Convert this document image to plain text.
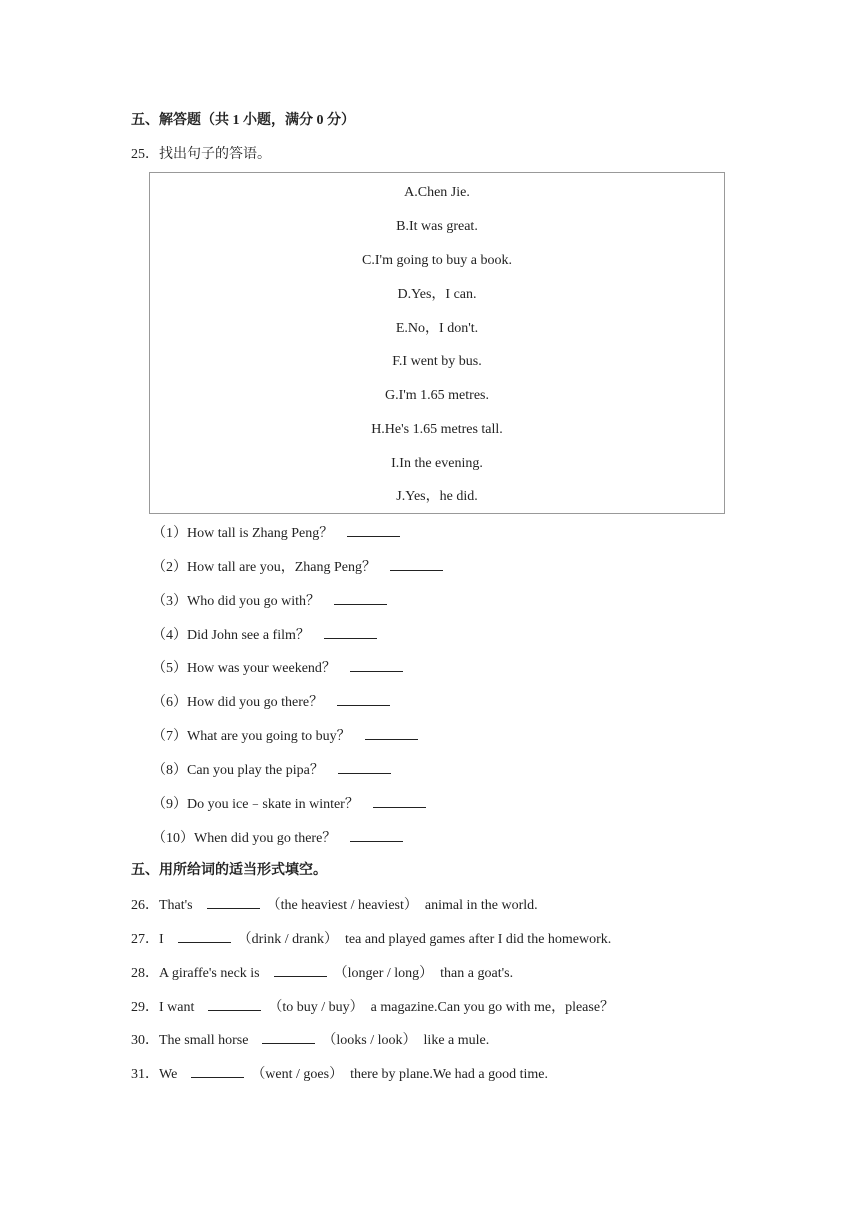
五、解答题（共 1 小题，满分 0 分）
25．找出句子的答语。
A.Chen Jie.
B.It was great.
C.I'm going to buy a book.
D.Yes，I can.
E.No，I don't.
F.I went by bus.
G.I'm 1.65 metres.
H.He's 1.65 metres tall.
I.In the evening.
J.Yes，he did.
（1）How tall is Zhang Peng？
（2）How tall are you，Zhang Peng？
（3）Who did you go with？
（4）Did John see a film？
（5）How was your weekend？
（6）How did you go there？
（7）What are you going to buy？
（8）Can you play the pipa？
（9）Do you ice﹣skate in winter？
（10）When did you go there？
五、用所给词的适当形式填空。
26．That's	（the heaviest / heaviest） animal in the world.
27．I	（drink / drank） tea and played games after I did the homework.
28．A giraffe's neck is	（longer / long） than a goat's.
29．I want	（to buy / buy） a magazine.Can you go with me，please？
30．The small horse	（looks / look） like a mule.
31．We	（went / goes） there by plane.We had a good time.
